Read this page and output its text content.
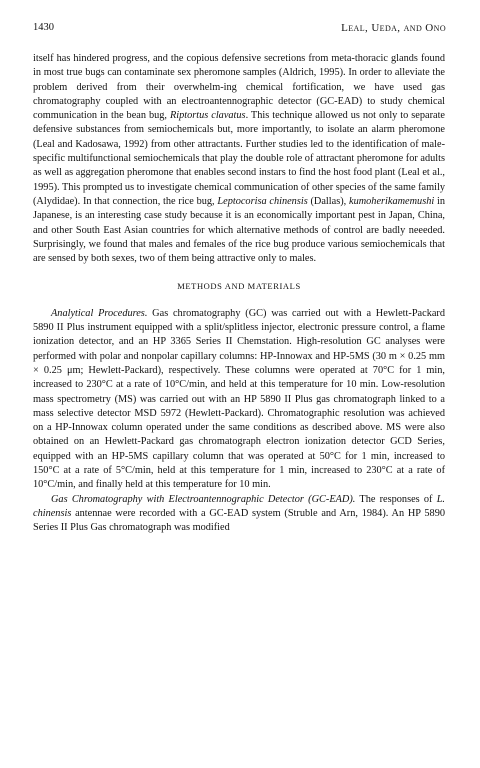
1430	Leal, Ueda, and Ono

itself has hindered progress, and the copious defensive secretions from meta-thoracic glands found in most true bugs can contaminate sex pheromone samples (Aldrich, 1995). In order to alleviate the problem derived from their overwhelm-ing chemical fortification, we have used gas chromatography coupled with an electroantennographic detector (GC-EAD) to study chemical communication in the bean bug, Riptortus clavatus. This technique allowed us not only to separate defensive substances from semiochemicals but, more importantly, to isolate an alarm pheromone (Leal and Kadosawa, 1992) from other attractants. Further studies led to the identification of male-specific multifunctional semiochemicals that play the double role of attractant pheromone for adults as well as aggregation pheromone that enables second instars to find the host food plant (Leal et al., 1995). This prompted us to investigate chemical communication of other species of the same family (Alydidae). In that connection, the rice bug, Leptocorisa chinensis (Dallas), kumoherikamemushi in Japanese, is an interesting case study because it is an economically important pest in Japan, China, and other South East Asian countries for which alternative methods of control are badly neeeded. Surprisingly, we found that males and females of the rice bug produce various semiochemicals that are sensed by both sexes, two of them being attractive only to males.

METHODS AND MATERIALS

Analytical Procedures. Gas chromatography (GC) was carried out with a Hewlett-Packard 5890 II Plus instrument equipped with a split/splitless injector, electronic pressure control, a flame ionization detector, and an HP 3365 Series II Chemstation. High-resolution GC analyses were performed with polar and nonpolar capillary columns: HP-Innowax and HP-5MS (30 m × 0.25 mm × 0.25 μm; Hewlett-Packard), respectively. These columns were operated at 70°C for 1 min, increased to 230°C at a rate of 10°C/min, and held at this temperature for 10 min. Low-resolution mass spectrometry (MS) was carried out with an HP 5890 II Plus gas chromatograph linked to a mass selective detector MSD 5972 (Hewlett-Packard). Chromatographic resolution was achieved on a HP-Innowax column operated under the same conditions as described above. MS were also obtained on an Hewlett-Packard gas chromatograph electron ionization detector GCD Series, equipped with an HP-5MS capillary column that was operated at 50°C for 1 min, increased to 150°C at a rate of 5°C/min, held at this temperature for 1 min, increased to 230°C at a rate of 10°C/min, and finally held at this temperature for 10 min.

Gas Chromatography with Electroantennographic Detector (GC-EAD). The responses of L. chinensis antennae were recorded with a GC-EAD system (Struble and Arn, 1984). An HP 5890 Series II Plus Gas chromatograph was modified
